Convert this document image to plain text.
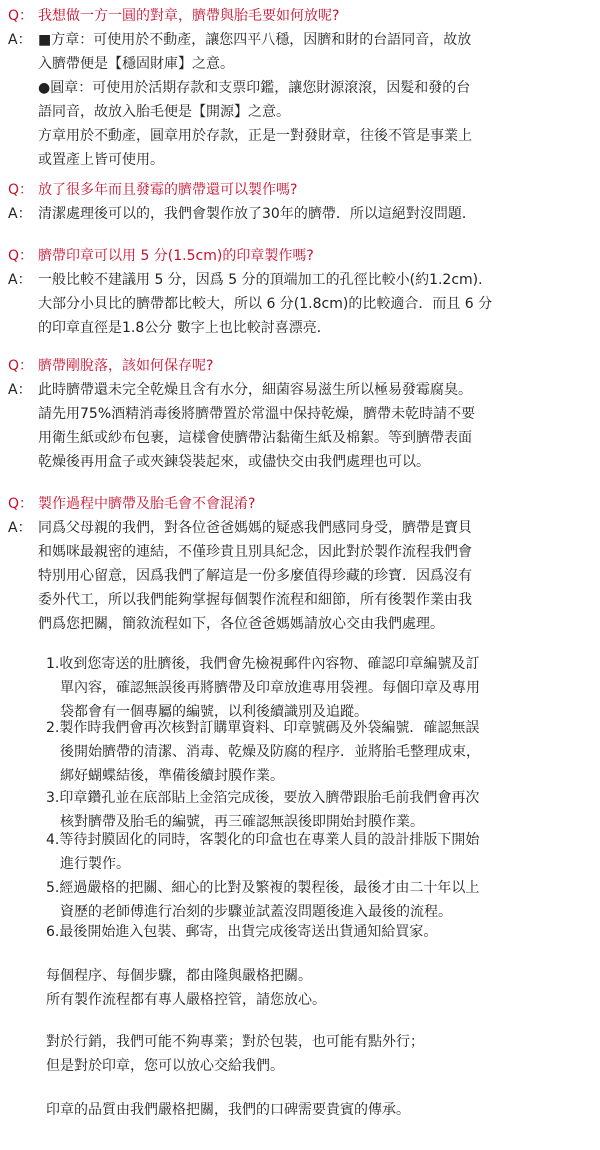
Q： 我想做一方一圓的對章，臍帶與胎毛要如何放呢?
A： ■方章：可使用於不動產，讓您四平八穩，因臍和財的台語同音，故放
入臍帶便是【穩固財庫】之意。
●圓章：可使用於活期存款和支票印鑑，讓您財源滾滾，因髮和發的台
語同音，故放入胎毛便是【開源】之意。
方章用於不動產，圓章用於存款，正是一對發財章，往後不管是事業上
或置產上皆可使用。
Q： 放了很多年而且發霉的臍帶還可以製作嗎?
A： 清潔處理後可以的，我們會製作放了30年的臍帶．所以這絕對沒問題．
Q： 臍帶印章可以用 5 分(1.5cm)的印章製作嗎?
A： 一般比較不建議用 5 分，因爲 5 分的頂端加工的孔徑比較小(約1.2cm)．
大部分小貝比的臍帶都比較大，所以 6 分(1.8cm)的比較適合．而且 6 分
的印章直徑是1.8公分 數字上也比較討喜漂亮．
Q： 臍帶剛脫落，該如何保存呢?
A： 此時臍帶還未完全乾燥且含有水分，細菌容易滋生所以極易發霉腐臭。
請先用75%酒精消毒後將臍帶置於常溫中保持乾燥，臍帶未乾時請不要
用衛生紙或紗布包裹，這樣會使臍帶沾黏衛生紙及棉絮。等到臍帶表面
乾燥後再用盒子或夾鍊袋裝起來，或儘快交由我們處理也可以。
Q： 製作過程中臍帶及胎毛會不會混淆?
A： 同爲父母親的我們，對各位爸爸媽媽的疑惑我們感同身受，臍帶是寶貝
和媽咪最親密的連結，不僅珍貴且別具紀念，因此對於製作流程我們會
特別用心留意，因爲我們了解這是一份多麼值得珍藏的珍寶．因爲沒有
委外代工，所以我們能夠掌握每個製作流程和細節，所有後製作業由我
們爲您把關，簡敘流程如下，各位爸爸媽媽請放心交由我們處理。
1.收到您寄送的肚臍後，我們會先檢視郵件內容物、確認印章編號及訂
單內容，確認無誤後再將臍帶及印章放進專用袋裡。每個印章及專用
袋都會有一個專屬的編號，以利後續識別及追蹤。
2.製作時我們會再次核對訂購單資料、印章號碼及外袋編號．確認無誤
後開始臍帶的清潔、消毒、乾燥及防腐的程序．並將胎毛整理成束，
綁好蝴蝶結後，準備後續封膜作業。
3.印章鑽孔並在底部貼上金箔完成後，要放入臍帶跟胎毛前我們會再次
核對臍帶及胎毛的編號，再三確認無誤後即開始封膜作業。
4.等待封膜固化的同時，客製化的印盒也在專業人員的設計排版下開始
進行製作。
5.經過嚴格的把關、細心的比對及繁複的製程後，最後才由二十年以上
資歷的老師傅進行冶刻的步驟並試蓋沒問題後進入最後的流程。
6.最後開始進入包裝、郵寄，出貨完成後寄送出貨通知給買家。
每個程序、每個步驟，都由隆與嚴格把關。
所有製作流程都有專人嚴格控管，請您放心。
對於行銷，我們可能不夠專業；對於包裝，也可能有點外行；
但是對於印章，您可以放心交給我們。
印章的品質由我們嚴格把關，我們的口碑需要貴賓的傳承。
